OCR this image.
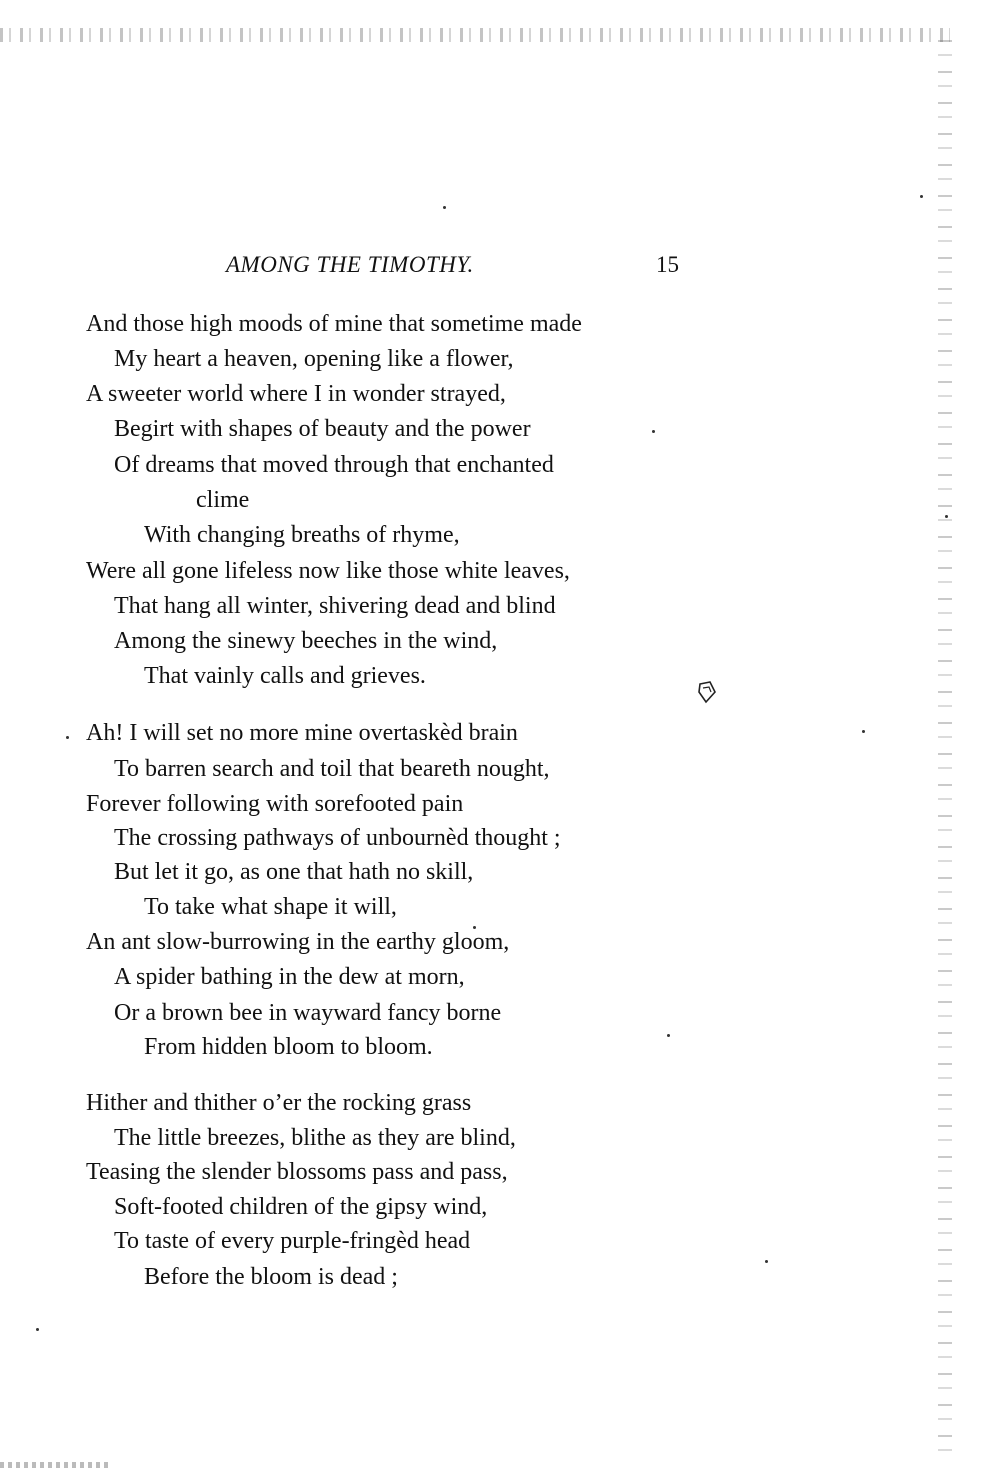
AMONG THE TIMOTHY.	15
And those high moods of mine that sometime made
My heart a heaven, opening like a flower,
A sweeter world where I in wonder strayed,
Begirt with shapes of beauty and the power
Of dreams that moved through that enchanted
clime
With changing breaths of rhyme,
Were all gone lifeless now like those white leaves,
That hang all winter, shivering dead and blind
Among the sinewy beeches in the wind,
That vainly calls and grieves.
Ah! I will set no more mine overtaskèd brain
To barren search and toil that beareth nought,
Forever following with sorefooted pain
The crossing pathways of unbournèd thought ;
But let it go, as one that hath no skill,
To take what shape it will,
An ant slow-burrowing in the earthy gloom,
A spider bathing in the dew at morn,
Or a brown bee in wayward fancy borne
From hidden bloom to bloom.
Hither and thither o’er the rocking grass
The little breezes, blithe as they are blind,
Teasing the slender blossoms pass and pass,
Soft-footed children of the gipsy wind,
To taste of every purple-fringèd head
Before the bloom is dead ;
